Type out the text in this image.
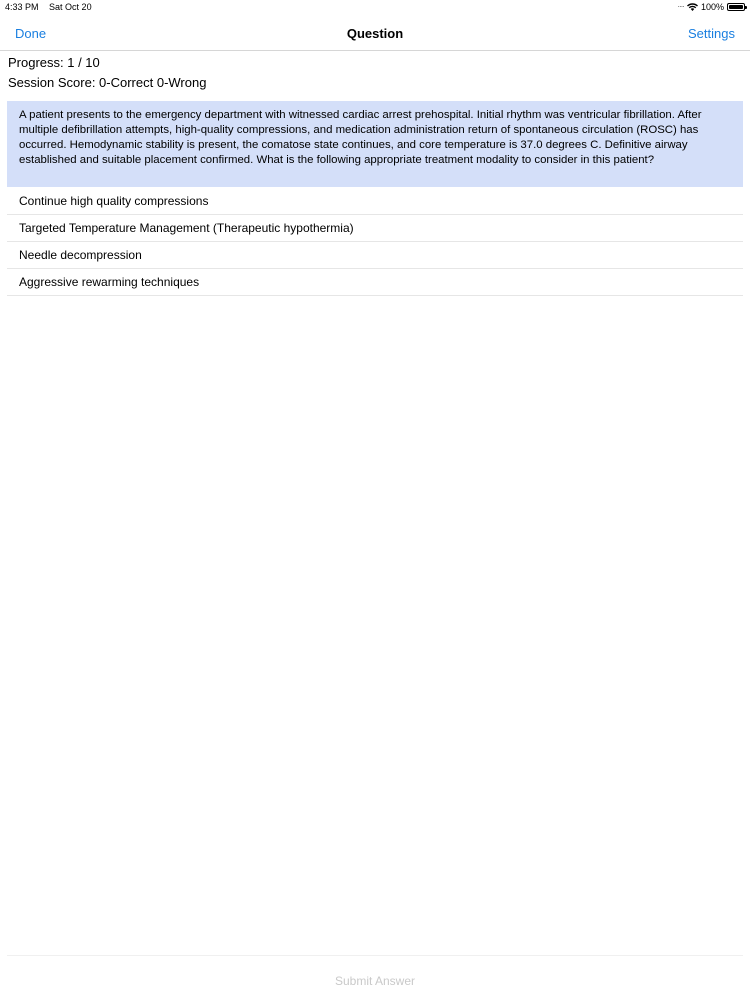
4:33 PM Sat Oct 20	···· 100%
Done	Question	Settings
Progress: 1 / 10
Session Score: 0-Correct 0-Wrong
A patient presents to the emergency department with witnessed cardiac arrest prehospital. Initial rhythm was ventricular fibrillation. After multiple defibrillation attempts, high-quality compressions, and medication administration return of spontaneous circulation (ROSC) has occurred. Hemodynamic stability is present, the comatose state continues, and core temperature is 37.0 degrees C. Definitive airway established and suitable placement confirmed. What is the following appropriate treatment modality to consider in this patient?
Continue high quality compressions
Targeted Temperature Management (Therapeutic hypothermia)
Needle decompression
Aggressive rewarming techniques
Submit Answer
